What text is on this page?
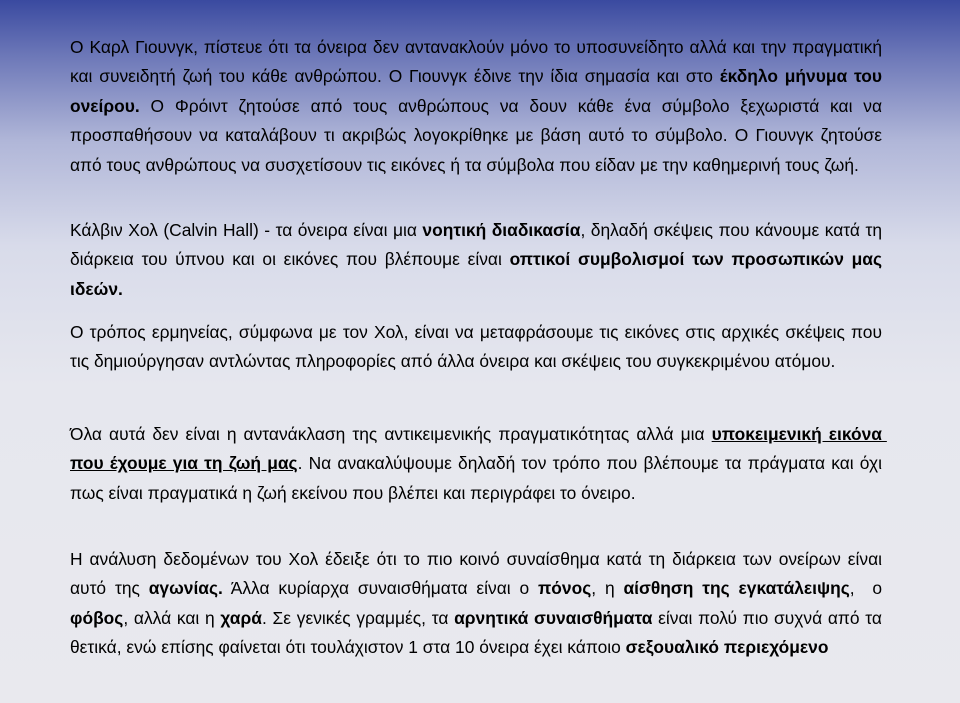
Ο Καρλ Γιουνγκ, πίστευε ότι τα όνειρα δεν αντανακλούν μόνο το υποσυνείδητο αλλά και την πραγματική και συνειδητή ζωή του κάθε ανθρώπου. Ο Γιουνγκ έδινε την ίδια σημασία και στο έκδηλο μήνυμα του ονείρου. Ο Φρόιντ ζητούσε από τους ανθρώπους να δουν κάθε ένα σύμβολο ξεχωριστά και να προσπαθήσουν να καταλάβουν τι ακριβώς λογοκρίθηκε με βάση αυτό το σύμβολο. Ο Γιουνγκ ζητούσε από τους ανθρώπους να συσχετίσουν τις εικόνες ή τα σύμβολα που είδαν με την καθημερινή τους ζωή.

Κάλβιν Χολ (Calvin Hall) - τα όνειρα είναι μια νοητική διαδικασία, δηλαδή σκέψεις που κάνουμε κατά τη διάρκεια του ύπνου και οι εικόνες που βλέπουμε είναι οπτικοί συμβολισμοί των προσωπικών μας ιδεών.

Ο τρόπος ερμηνείας, σύμφωνα με τον Χολ, είναι να μεταφράσουμε τις εικόνες στις αρχικές σκέψεις που τις δημιούργησαν αντλώντας πληροφορίες από άλλα όνειρα και σκέψεις του συγκεκριμένου ατόμου.

Όλα αυτά δεν είναι η αντανάκλαση της αντικειμενικής πραγματικότητας αλλά μια υποκειμενική εικόνα που έχουμε για τη ζωή μας. Να ανακαλύψουμε δηλαδή τον τρόπο που βλέπουμε τα πράγματα και όχι πως είναι πραγματικά η ζωή εκείνου που βλέπει και περιγράφει το όνειρο.

Η ανάλυση δεδομένων του Χολ έδειξε ότι το πιο κοινό συναίσθημα κατά τη διάρκεια των ονείρων είναι αυτό της αγωνίας. Άλλα κυρίαρχα συναισθήματα είναι ο πόνος, η αίσθηση της εγκατάλειψης,  ο φόβος, αλλά και η χαρά. Σε γενικές γραμμές, τα αρνητικά συναισθήματα είναι πολύ πιο συχνά από τα θετικά, ενώ επίσης φαίνεται ότι τουλάχιστον 1 στα 10 όνειρα έχει κάποιο σεξουαλικό περιεχόμενο
